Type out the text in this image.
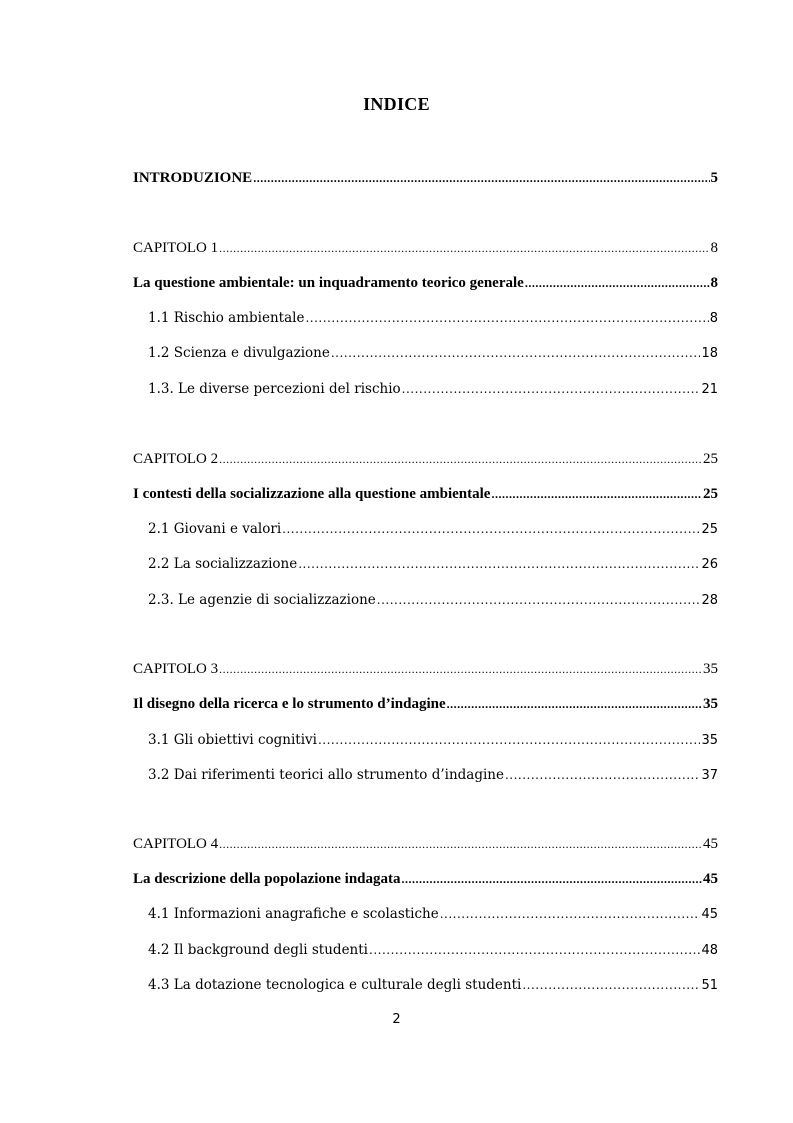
INDICE
INTRODUZIONE .....	5
CAPITOLO 1 .....	8
La questione ambientale: un inquadramento teorico generale .....	8
1.1 Rischio ambientale .....	8
1.2 Scienza e divulgazione .....	18
1.3. Le diverse percezioni del rischio .....	21
CAPITOLO 2 .....	25
I contesti della socializzazione alla questione ambientale .....	25
2.1 Giovani e valori .....	25
2.2 La socializzazione .....	26
2.3. Le agenzie di socializzazione .....	28
CAPITOLO 3 .....	35
Il disegno della ricerca e lo strumento d’indagine .....	35
3.1 Gli obiettivi cognitivi .....	35
3.2 Dai riferimenti teorici allo strumento d’indagine .....	37
CAPITOLO 4 .....	45
La descrizione della popolazione indagata .....	45
4.1 Informazioni anagrafiche e scolastiche .....	45
4.2 Il background degli studenti .....	48
4.3 La dotazione tecnologica e culturale degli studenti .....	51
2
